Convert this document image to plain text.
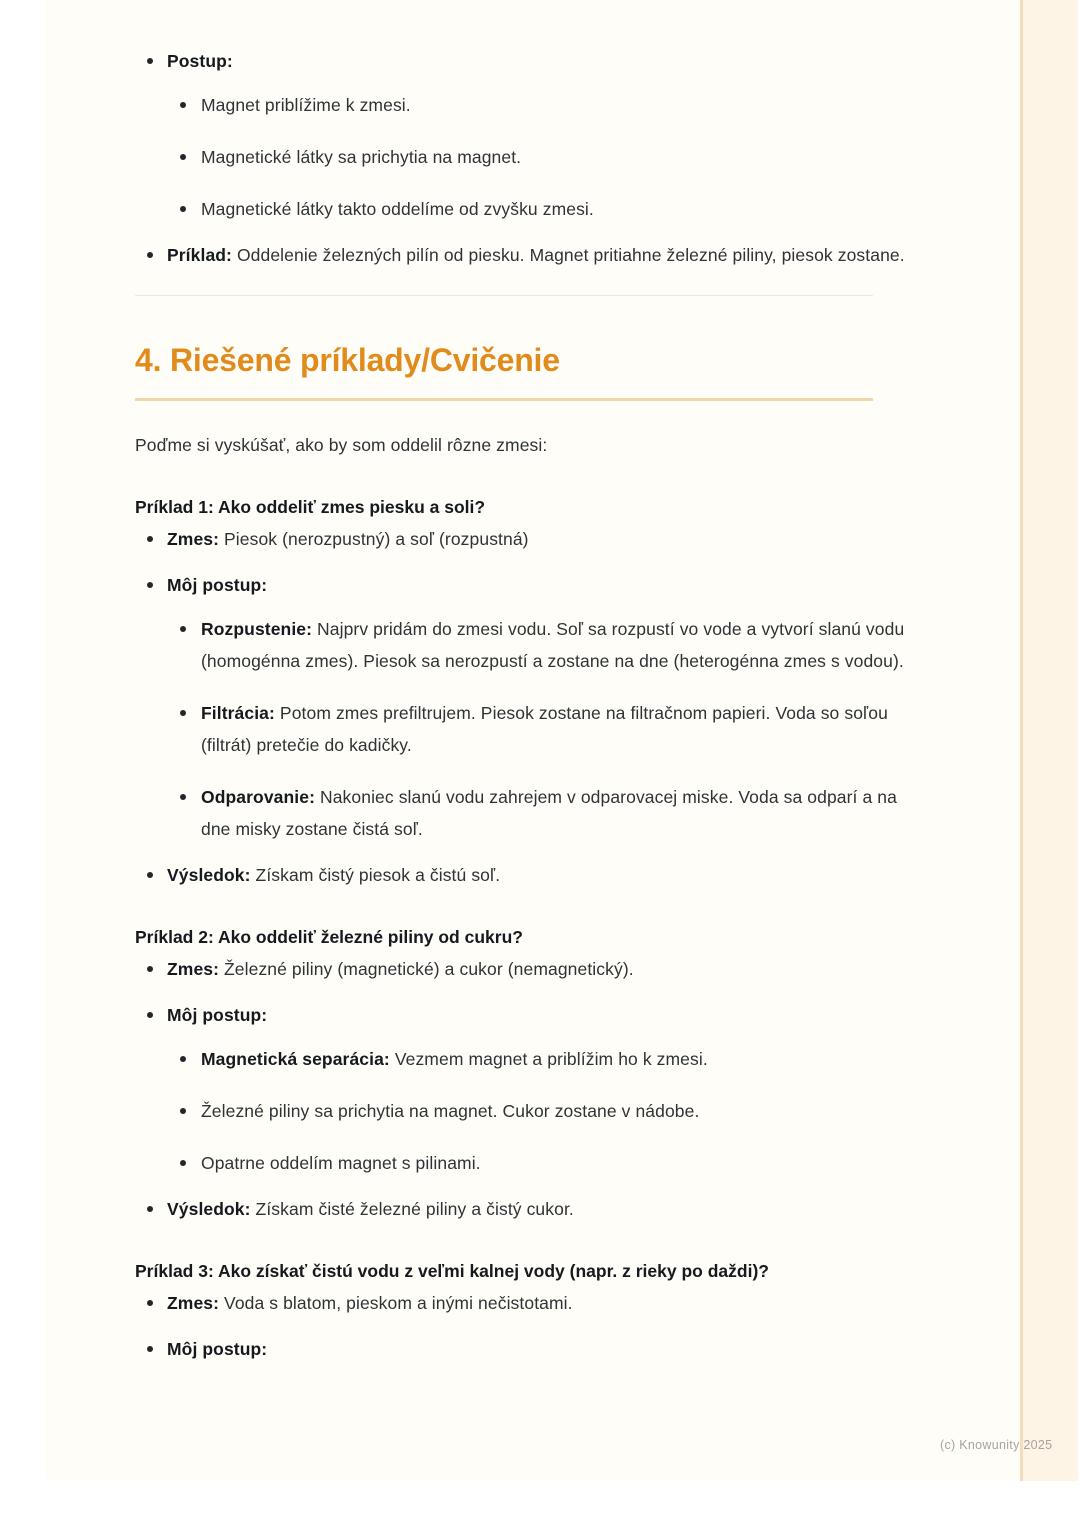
Postup:
Magnet priblížime k zmesi.
Magnetické látky sa prichytia na magnet.
Magnetické látky takto oddelíme od zvyšku zmesi.
Príklad: Oddelenie železných pilín od piesku. Magnet pritiahne železné piliny, piesok zostane.
4. Riešené príklady/Cvičenie

Poďme si vyskúšať, ako by som oddelil rôzne zmesi:

Príklad 1: Ako oddeliť zmes piesku a soli?

Zmes: Piesok (nerozpustný) a soľ (rozpustná)
Môj postup:
Rozpustenie: Najprv pridám do zmesi vodu. Soľ sa rozpustí vo vode a vytvorí slanú vodu (homogénna zmes). Piesok sa nerozpustí a zostane na dne (heterogénna zmes s vodou).
Filtrácia: Potom zmes prefiltrujem. Piesok zostane na filtračnom papieri. Voda so soľou (filtrát) pretečie do kadičky.
Odparovanie: Nakoniec slanú vodu zahrejem v odparovacej miske. Voda sa odparí a na dne misky zostane čistá soľ.
Výsledok: Získam čistý piesok a čistú soľ.

Príklad 2: Ako oddeliť železné piliny od cukru?

Zmes: Železné piliny (magnetické) a cukor (nemagnetický).
Môj postup:
Magnetická separácia: Vezmem magnet a priblížim ho k zmesi.
Železné piliny sa prichytia na magnet. Cukor zostane v nádobe.
Opatrne oddelím magnet s pilinami.
Výsledok: Získam čisté železné piliny a čistý cukor.

Príklad 3: Ako získať čistú vodu z veľmi kalnej vody (napr. z rieky po daždi)?

Zmes: Voda s blatom, pieskom a inými nečistotami.
Môj postup:
(c) Knowunity 2025
